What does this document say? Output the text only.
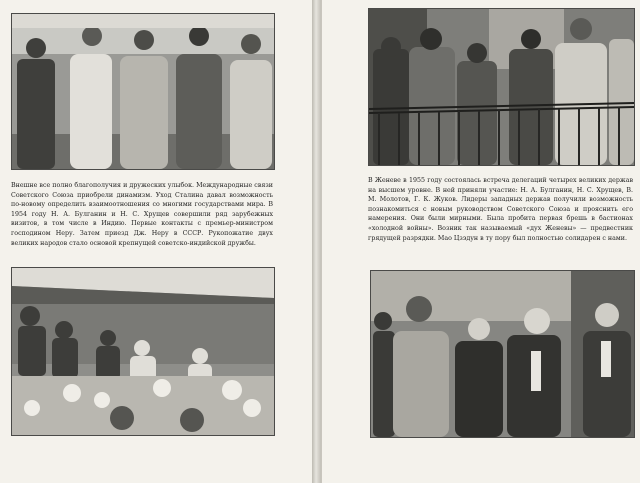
Внешне все полно благополучия и дружеских улыбок. Международные связи Советского Союза приобрели динамизм. Уход Сталина давал возможность по-новому определить взаимоотношения со многими государствами мира. В 1954 году Н. А. Булганин и Н. С. Хрущев совершили ряд зарубежных визитов, в том числе в Индию. Первые контакты с премьер-министром господином Неру. Затем приезд Дж. Неру в СССР. Рукопожатие двух великих народов стало основой крепнущей советско-индийской дружбы.

В Женеве в 1955 году состоялась встреча делегаций четырех великих держав на высшем уровне. В ней приняли участие: Н. А. Булганин, Н. С. Хрущев, В. М. Молотов, Г. К. Жуков. Лидеры западных держав получили возможность познакомиться с новым руководством Советского Союза и прояснить его намерения. Они были мирными. Была пробита первая брешь в бастионах «холодной войны». Возник так называемый «дух Женевы» — предвестник грядущей разрядки. Мао Цзэдун в ту пору был полностью солидарен с нами.
